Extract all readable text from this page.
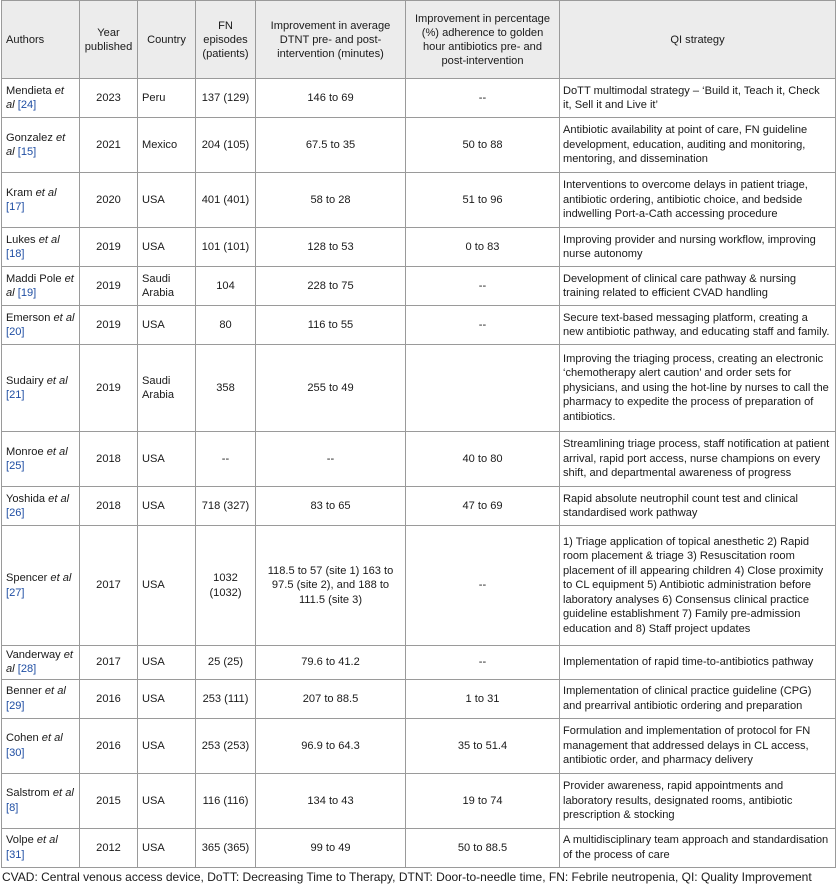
Authors	Year published	Country	FN episodes (patients)	Improvement in average DTNT pre- and post-intervention (minutes)	Improvement in percentage (%) adherence to golden hour antibiotics pre- and post-intervention	QI strategy
Mendieta et al [24]	2023	Peru	137 (129)	146 to 69	--	DoTT multimodal strategy – ‘Build it, Teach it, Check it, Sell it and Live it’
Gonzalez et al [15]	2021	Mexico	204 (105)	67.5 to 35	50 to 88	Antibiotic availability at point of care, FN guideline development, education, auditing and monitoring, mentoring, and dissemination
Kram et al [17]	2020	USA	401 (401)	58 to 28	51 to 96	Interventions to overcome delays in patient triage, antibiotic ordering, antibiotic choice, and bedside indwelling Port-a-Cath accessing procedure
Lukes et al [18]	2019	USA	101 (101)	128 to 53	0 to 83	Improving provider and nursing workflow, improving nurse autonomy
Maddi Pole et al [19]	2019	Saudi Arabia	104	228 to 75	--	Development of clinical care pathway & nursing training related to efficient CVAD handling
Emerson et al [20]	2019	USA	80	116 to 55	--	Secure text-based messaging platform, creating a new antibiotic pathway, and educating staff and family.
Sudairy et al [21]	2019	Saudi Arabia	358	255 to 49		Improving the triaging process, creating an electronic ‘chemotherapy alert caution’ and order sets for physicians, and using the hot-line by nurses to call the pharmacy to expedite the process of preparation of antibiotics.
Monroe et al [25]	2018	USA	--	--	40 to 80	Streamlining triage process, staff notification at patient arrival, rapid port access, nurse champions on every shift, and departmental awareness of progress
Yoshida et al [26]	2018	USA	718 (327)	83 to 65	47 to 69	Rapid absolute neutrophil count test and clinical standardised work pathway
Spencer et al [27]	2017	USA	1032 (1032)	118.5 to 57 (site 1) 163 to 97.5 (site 2), and 188 to 111.5 (site 3)	--	1) Triage application of topical anesthetic 2) Rapid room placement & triage 3) Resuscitation room placement of ill appearing children 4) Close proximity to CL equipment 5) Antibiotic administration before laboratory analyses 6) Consensus clinical practice guideline establishment 7) Family pre-admission education and 8) Staff project updates
Vanderway et al [28]	2017	USA	25 (25)	79.6 to 41.2	--	Implementation of rapid time-to-antibiotics pathway
Benner et al [29]	2016	USA	253 (111)	207 to 88.5	1 to 31	Implementation of clinical practice guideline (CPG) and prearrival antibiotic ordering and preparation
Cohen et al [30]	2016	USA	253 (253)	96.9 to 64.3	35 to 51.4	Formulation and implementation of protocol for FN management that addressed delays in CL access, antibiotic order, and pharmacy delivery
Salstrom et al [8]	2015	USA	116 (116)	134 to 43	19 to 74	Provider awareness, rapid appointments and laboratory results, designated rooms, antibiotic prescription & stocking
Volpe et al [31]	2012	USA	365 (365)	99 to 49	50 to 88.5	A multidisciplinary team approach and standardisation of the process of care
CVAD: Central venous access device, DoTT: Decreasing Time to Therapy, DTNT: Door-to-needle time, FN: Febrile neutropenia, QI: Quality Improvement
